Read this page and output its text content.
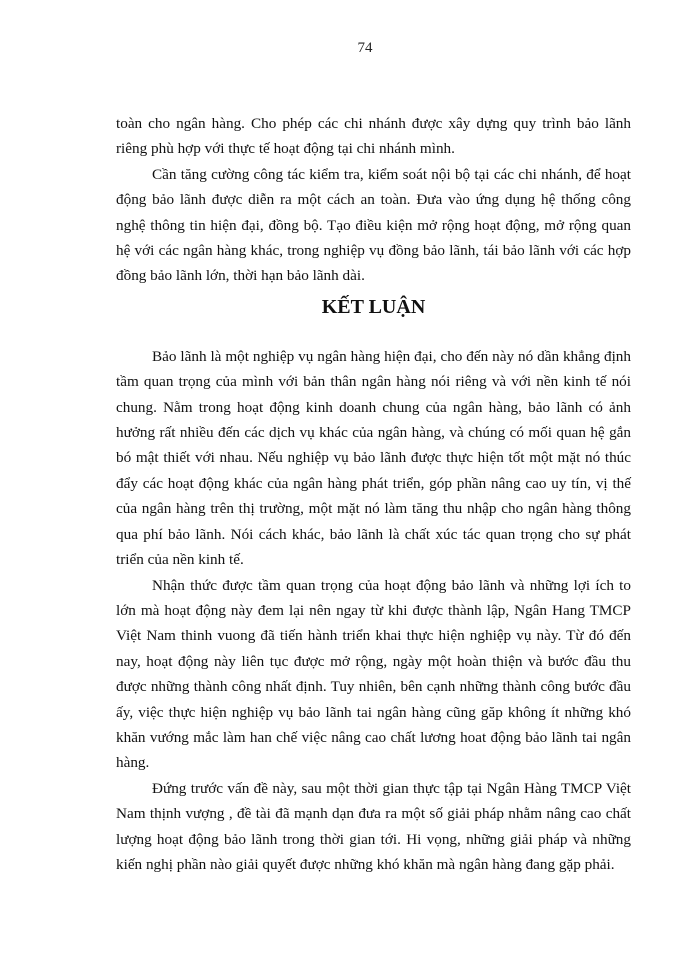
74

toàn cho ngân hàng. Cho phép các chi nhánh được xây dựng quy trình bảo lãnh riêng phù hợp với thực tế hoạt động tại chi nhánh mình.

Cần tăng cường công tác kiểm tra, kiểm soát nội bộ tại các chi nhánh, để hoạt động bảo lãnh được diễn ra một cách an toàn. Đưa vào ứng dụng hệ thống công nghệ thông tin hiện đại, đồng bộ. Tạo điều kiện mở rộng hoạt động, mở rộng quan hệ với các ngân hàng khác, trong nghiệp vụ đồng bảo lãnh, tái bảo lãnh với các hợp đồng bảo lãnh lớn, thời hạn bảo lãnh dài.

KẾT LUẬN

Bảo lãnh là một nghiệp vụ ngân hàng hiện đại, cho đến này nó dần khẳng định tầm quan trọng của mình với bản thân ngân hàng nói riêng và với nền kinh tế nói chung. Nằm trong hoạt động kinh doanh chung của ngân hàng, bảo lãnh có ảnh hưởng rất nhiều đến các dịch vụ khác của ngân hàng, và chúng có mối quan hệ gắn bó mật thiết với nhau. Nếu nghiệp vụ bảo lãnh được thực hiện tốt một mặt nó thúc đẩy các hoạt động khác của ngân hàng phát triển, góp phần nâng cao uy tín, vị thế của ngân hàng trên thị trường, một mặt nó làm tăng thu nhập cho ngân hàng thông qua phí bảo lãnh. Nói cách khác, bảo lãnh là chất xúc tác quan trọng cho sự phát triển của nền kinh tế.

Nhận thức được tầm quan trọng của hoạt động bảo lãnh và những lợi ích to lớn mà hoạt động này đem lại nên ngay từ khi được thành lập, Ngân Hang TMCP Việt Nam thinh vuong đã tiến hành triển khai thực hiện nghiệp vụ này. Từ đó đến nay, hoạt động này liên tục được mở rộng, ngày một hoàn thiện và bước đầu thu được những thành công nhất định. Tuy nhiên, bên cạnh những thành công bước đầu ấy, việc thực hiện nghiệp vụ bảo lãnh tai ngân hàng cũng găp không ít những khó khăn vướng mắc làm han chế việc nâng cao chất lương hoat động bảo lãnh tai ngân hàng.

Đứng trước vấn đề này, sau một thời gian thực tập tại Ngân Hàng TMCP Việt Nam thịnh vượng , đề tài đã mạnh dạn đưa ra một số giải pháp nhằm nâng cao chất lượng hoạt động bảo lãnh trong thời gian tới. Hi vọng, những giải pháp và những kiến nghị phần nào giải quyết được những khó khăn mà ngân hàng đang gặp phải.
